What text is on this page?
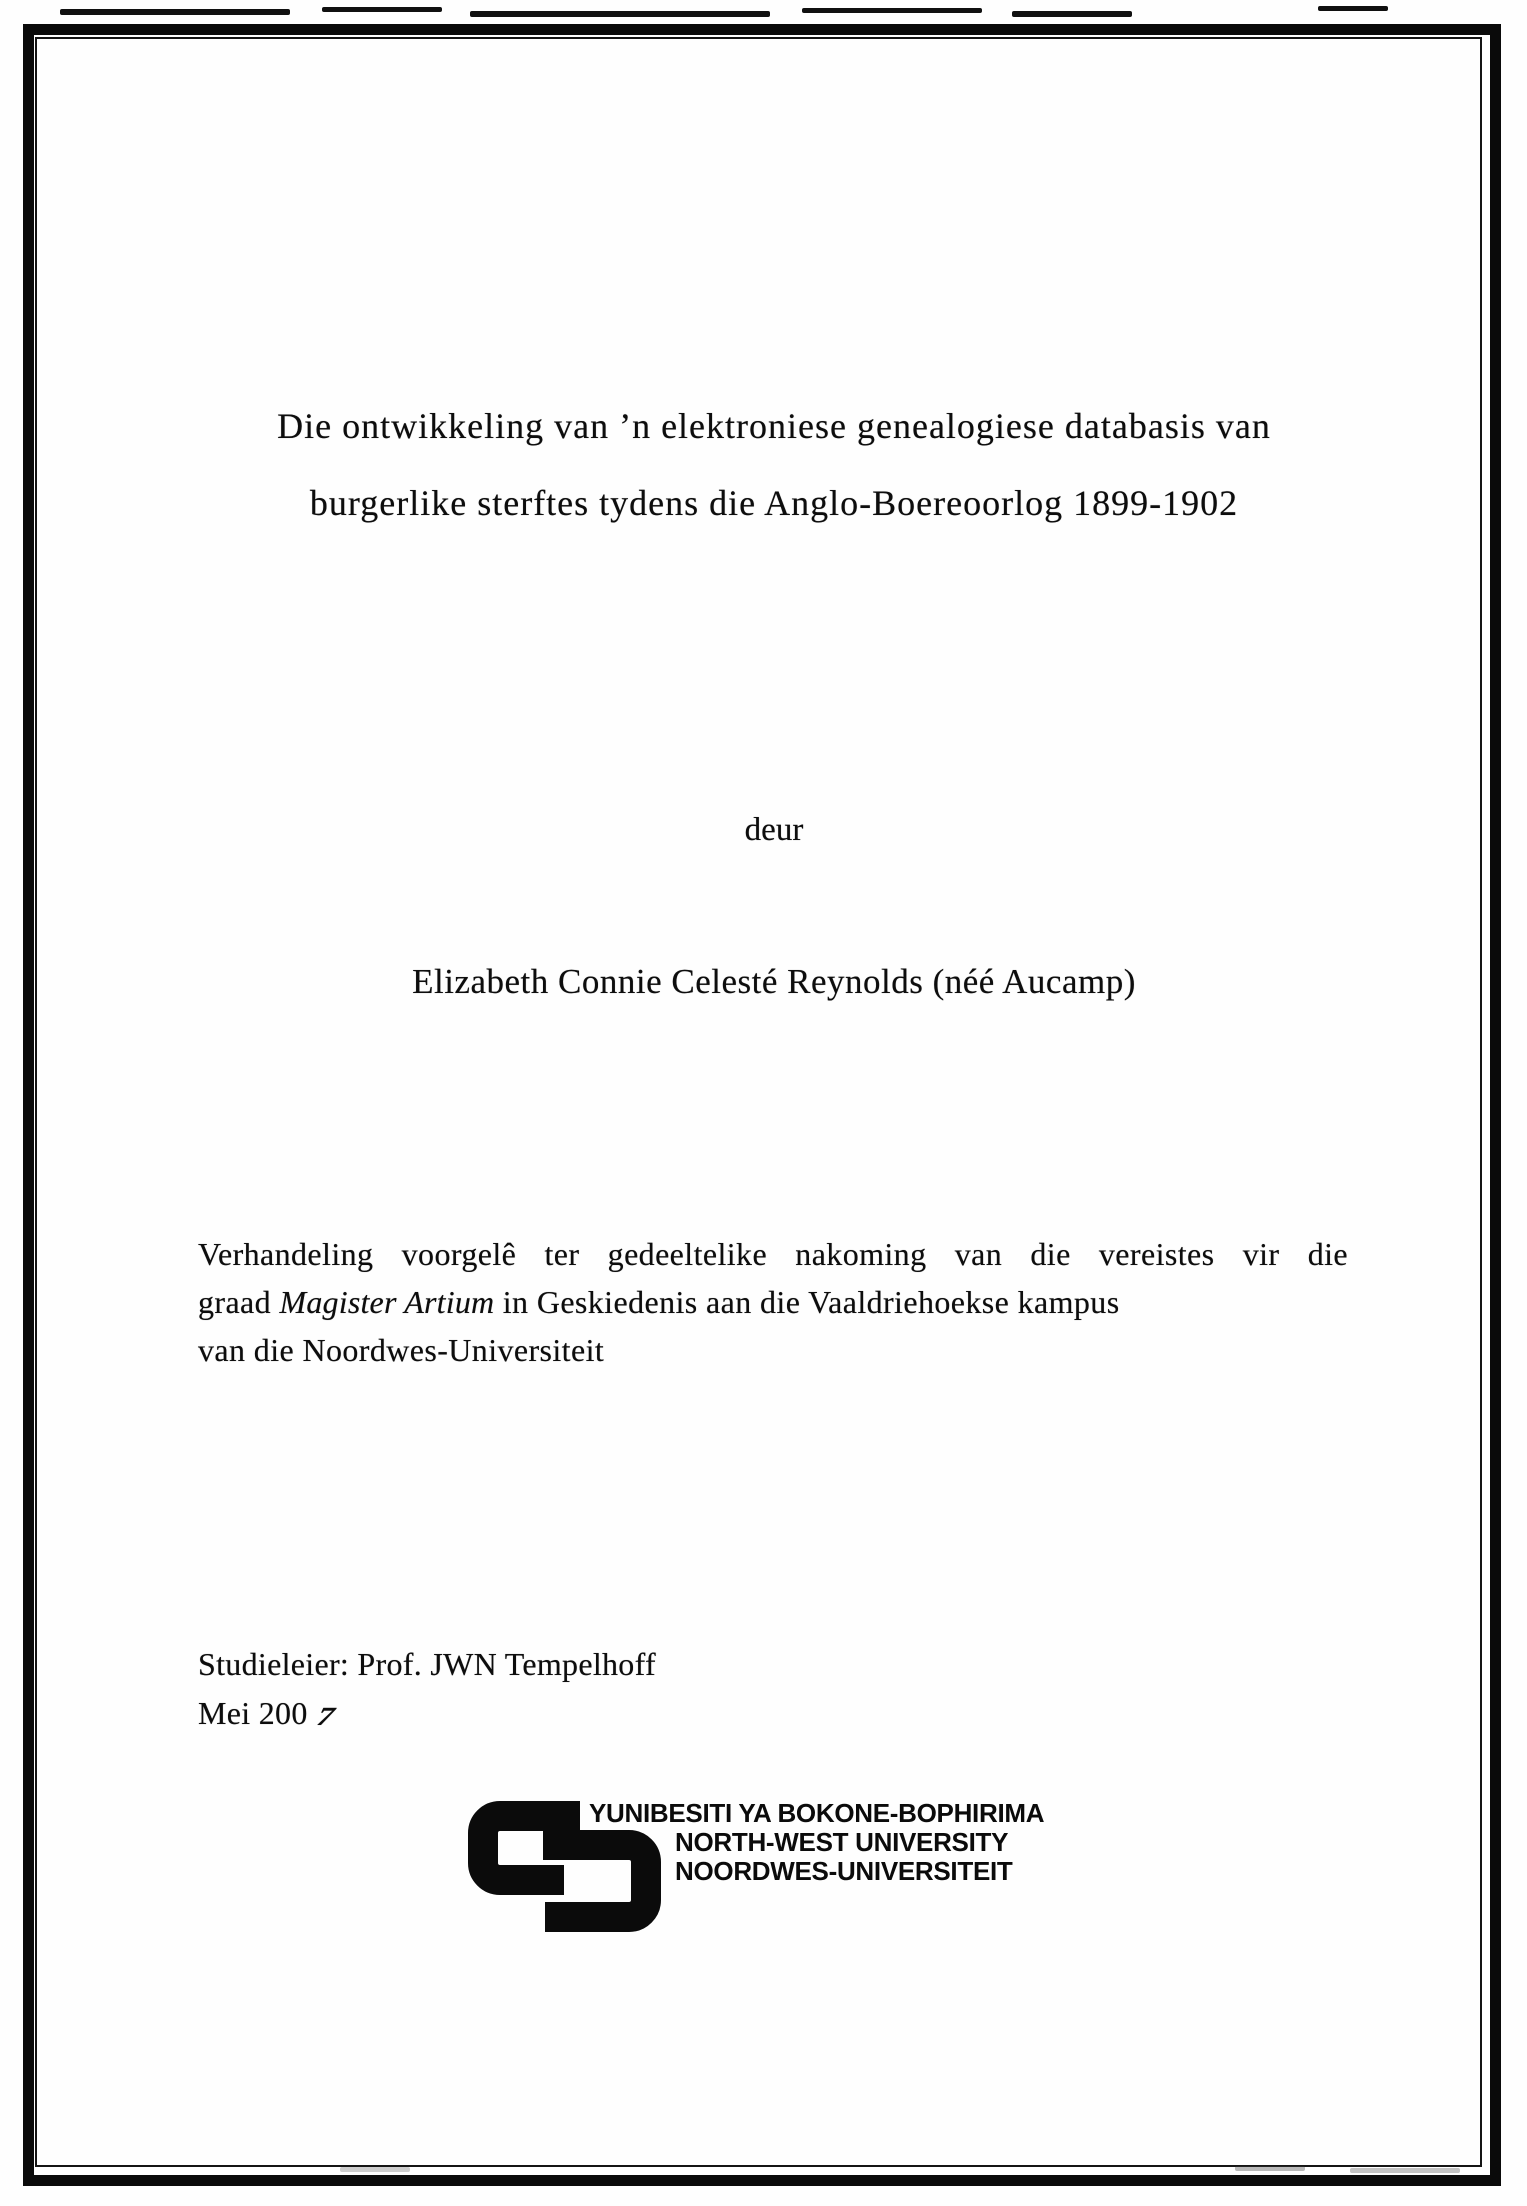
Die ontwikkeling van ’n elektroniese genealogiese databasis van
burgerlike sterftes tydens die Anglo-Boereoorlog 1899-1902
deur
Elizabeth Connie Celesté Reynolds (néé Aucamp)
Verhandeling voorgelê ter gedeeltelike nakoming van die vereistes vir die
graad Magister Artium in Geskiedenis aan die Vaaldriehoekse kampus
van die Noordwes-Universiteit
Studieleier: Prof. JWN Tempelhoff
Mei 200 7
YUNIBESITI YA BOKONE-BOPHIRIMA
NORTH-WEST UNIVERSITY
NOORDWES-UNIVERSITEIT
